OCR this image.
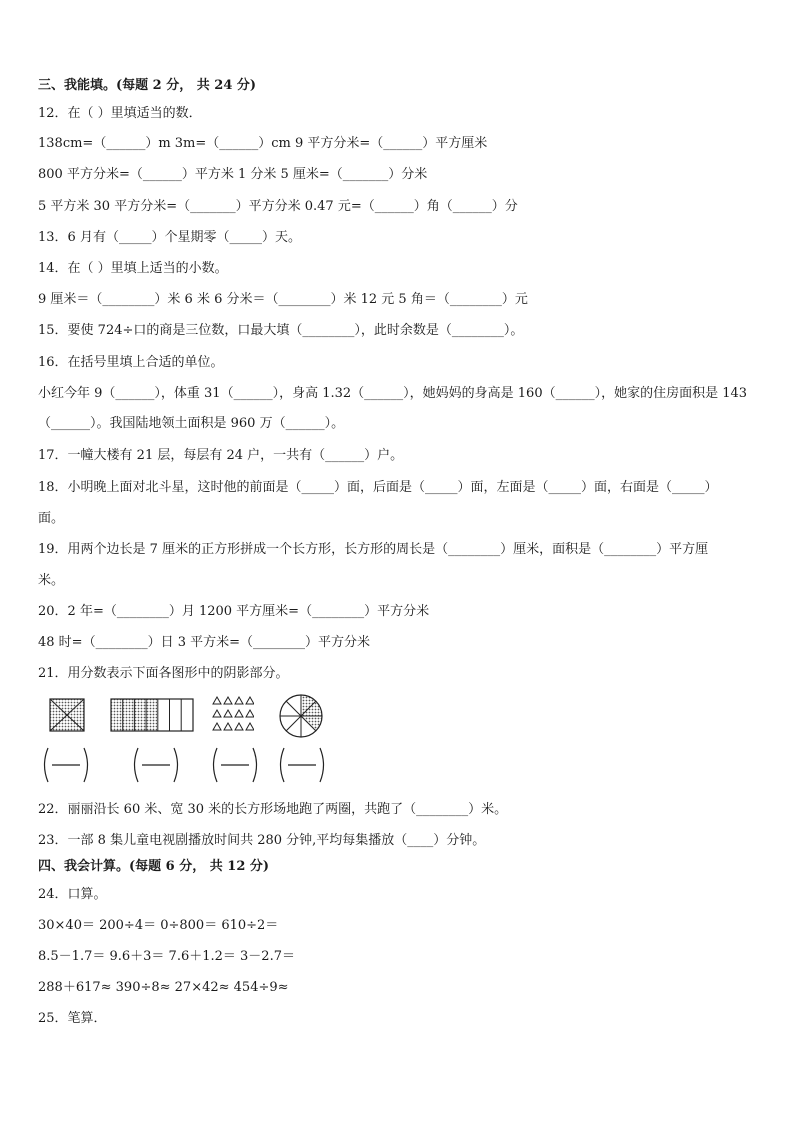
三、我能填。(每题 2 分， 共 24 分)
12．在（ ）里填适当的数．
138cm=（______）m 3m=（______）cm 9 平方分米=（______）平方厘米
800 平方分米=（______）平方米 1 分米 5 厘米=（_______）分米
5 平方米 30 平方分米=（_______）平方分米 0.47 元=（______）角（______）分
13．6 月有（_____）个星期零（_____）天。
14．在（ ）里填上适当的小数。
9 厘米＝（________）米 6 米 6 分米＝（________）米 12 元 5 角＝（________）元
15．要使 724÷口的商是三位数，口最大填（________），此时余数是（________）。
16．在括号里填上合适的单位。
小红今年 9（______），体重 31（______），身高 1.32（______），她妈妈的身高是 160（______），她家的住房面积是 143
（______）。我国陆地领土面积是 960 万（______）。
17．一幢大楼有 21 层，每层有 24 户，一共有（______）户。
18．小明晚上面对北斗星，这时他的前面是（_____）面，后面是（_____）面，左面是（_____）面，右面是（_____）
面。
19．用两个边长是 7 厘米的正方形拼成一个长方形，长方形的周长是（________）厘米，面积是（________）平方厘
米。
20．2 年=（________）月 1200 平方厘米=（________）平方分米
48 时=（________）日 3 平方米=（________）平方分米
21．用分数表示下面各图形中的阴影部分。
22．丽丽沿长 60 米、宽 30 米的长方形场地跑了两圈，共跑了（________）米。
23．一部 8 集儿童电视剧播放时间共 280 分钟,平均每集播放（____）分钟。
四、我会计算。(每题 6 分， 共 12 分)
24．口算。
30×40＝ 200÷4＝ 0÷800＝ 610÷2＝
8.5－1.7＝ 9.6＋3＝ 7.6＋1.2＝ 3－2.7＝
288＋617≈ 390÷8≈ 27×42≈ 454÷9≈
25．笔算．
